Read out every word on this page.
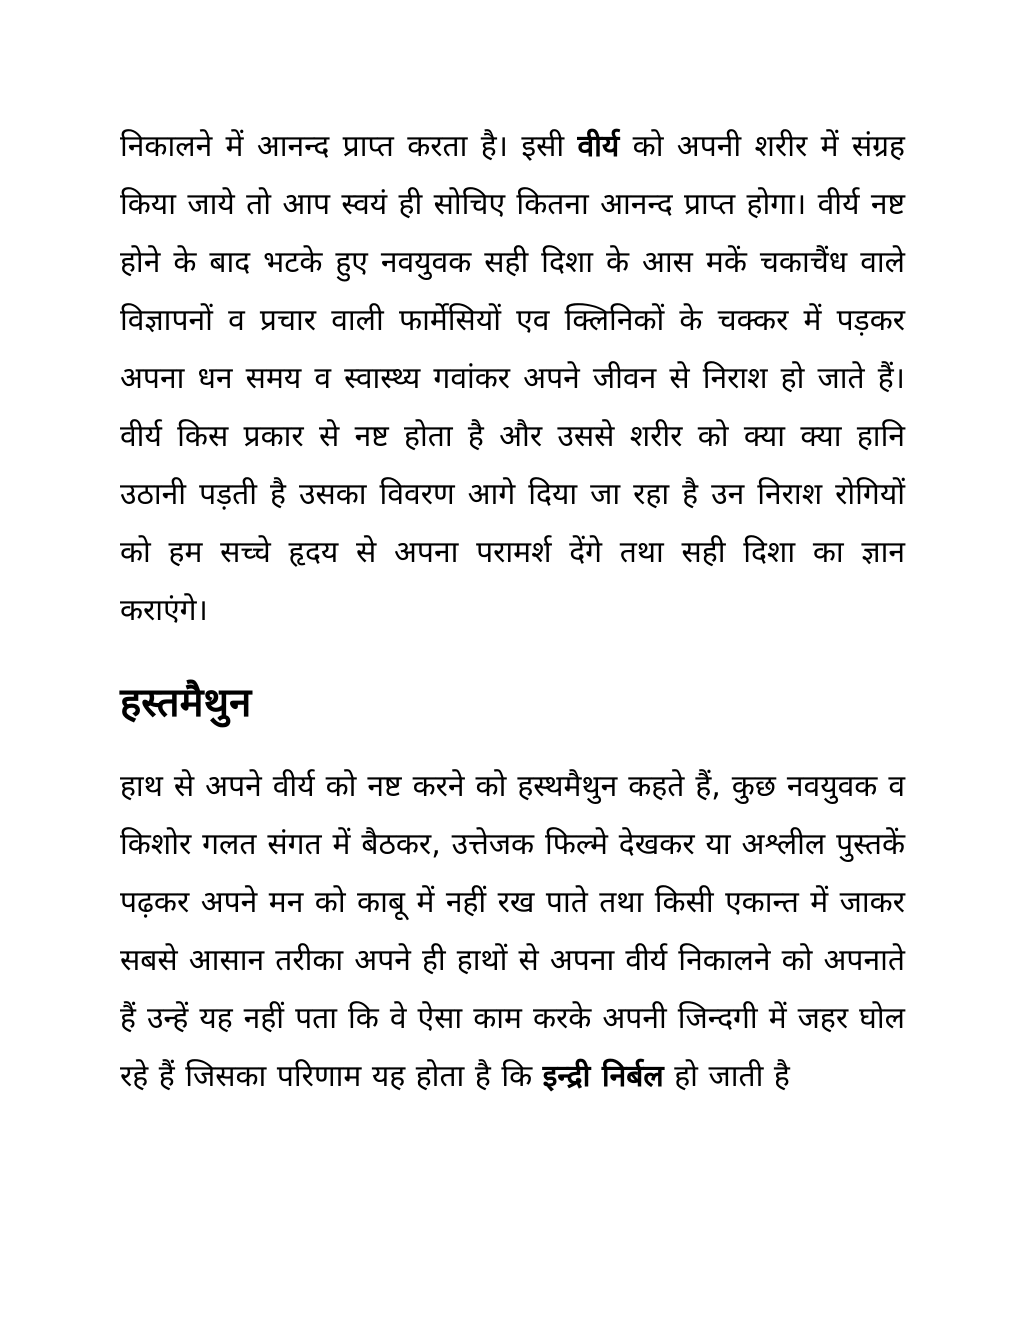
निकालने में आनन्द प्राप्त करता है। इसी वीर्य को अपनी शरीर में संग्रह किया जाये तो आप स्वयं ही सोचिए कितना आनन्द प्राप्त होगा। वीर्य नष्ट होने के बाद भटके हुए नवयुवक सही दिशा के आस मकें चकाचैंध वाले विज्ञापनों व प्रचार वाली फार्मेसियों एव क्लिनिकों के चक्कर में पड़कर अपना धन समय व स्वास्थ्य गवांकर अपने जीवन से निराश हो जाते हैं। वीर्य किस प्रकार से नष्ट होता है और उससे शरीर को क्या क्या हानि उठानी पड़ती है उसका विवरण आगे दिया जा रहा है उन निराश रोगियों को हम सच्चे हृदय से अपना परामर्श देंगे तथा सही दिशा का ज्ञान कराएंगे।

हस्तमैथुन

हाथ से अपने वीर्य को नष्ट करने को हस्थमैथुन कहते हैं, कुछ नवयुवक व किशोर गलत संगत में बैठकर, उत्तेजक फिल्मे देखकर या अश्लील पुस्तकें पढ़कर अपने मन को काबू में नहीं रख पाते तथा किसी एकान्त में जाकर सबसे आसान तरीका अपने ही हाथों से अपना वीर्य निकालने को अपनाते हैं उन्हें यह नहीं पता कि वे ऐसा काम करके अपनी जिन्दगी में जहर घोल रहे हैं जिसका परिणाम यह होता है कि इन्द्री निर्बल हो जाती है
